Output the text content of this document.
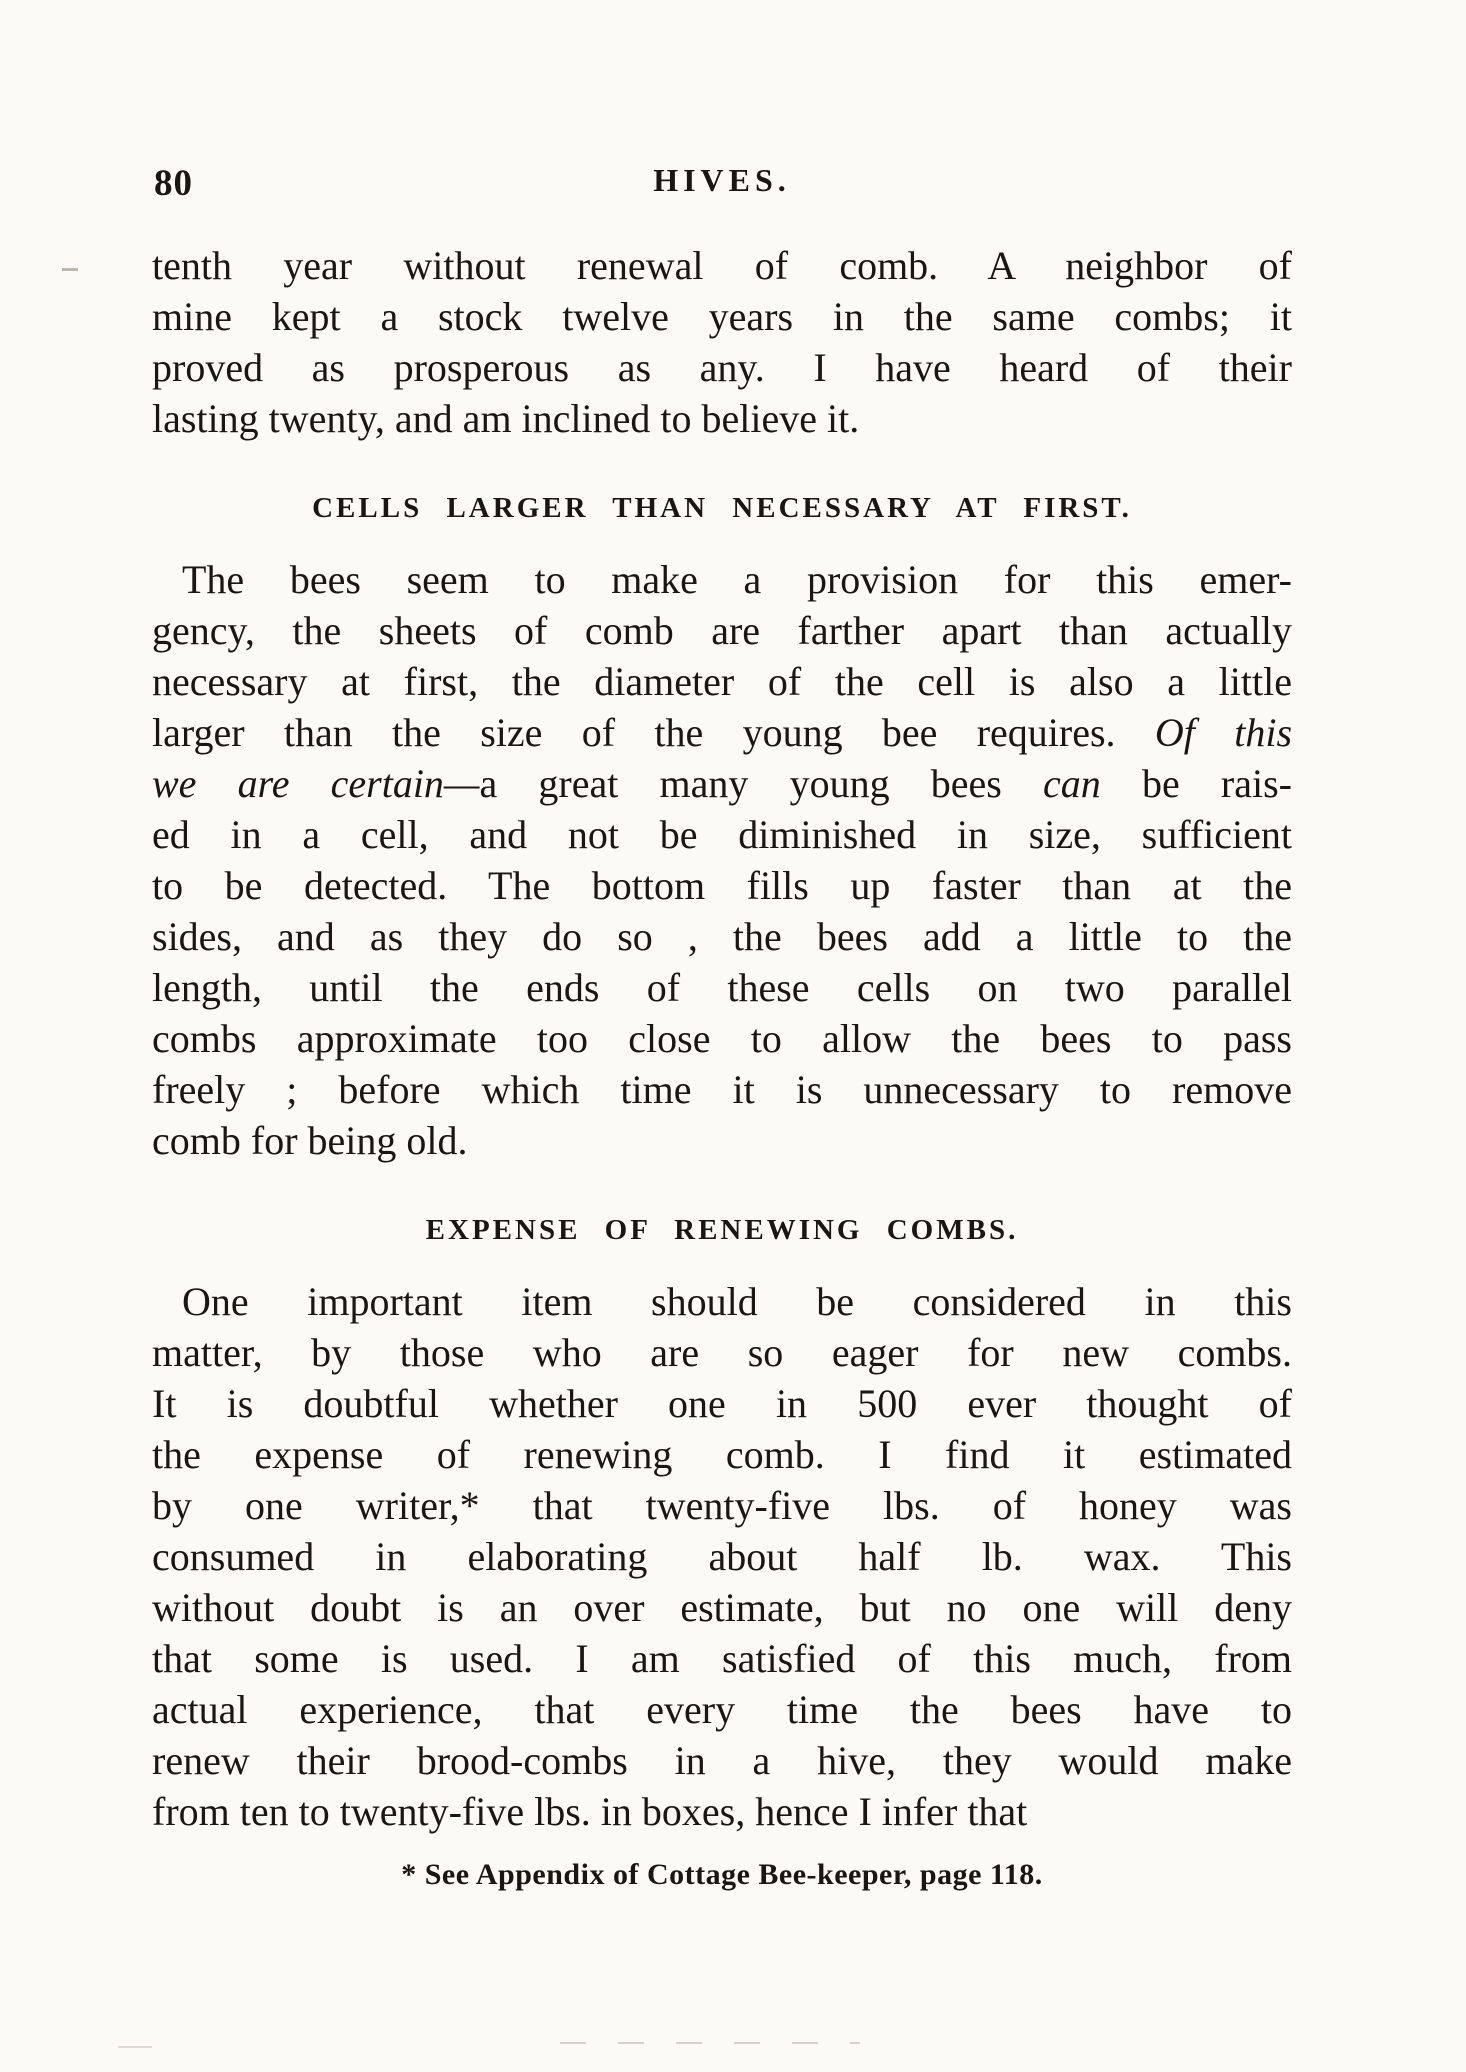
80	HIVES.
tenth year without renewal of comb. A neighbor of
mine kept a stock twelve years in the same combs; it
proved as prosperous as any. I have heard of their
lasting twenty, and am inclined to believe it.
CELLS LARGER THAN NECESSARY AT FIRST.
The bees seem to make a provision for this emer-
gency, the sheets of comb are farther apart than actually
necessary at first, the diameter of the cell is also a little
larger than the size of the young bee requires. Of this
we are certain—a great many young bees can be rais-
ed in a cell, and not be diminished in size, sufficient
to be detected. The bottom fills up faster than at the
sides, and as they do so , the bees add a little to the
length, until the ends of these cells on two parallel
combs approximate too close to allow the bees to pass
freely ; before which time it is unnecessary to remove
comb for being old.
EXPENSE OF RENEWING COMBS.
One important item should be considered in this
matter, by those who are so eager for new combs.
It is doubtful whether one in 500 ever thought of
the expense of renewing comb. I find it estimated
by one writer,* that twenty-five lbs. of honey was
consumed in elaborating about half lb. wax. This
without doubt is an over estimate, but no one will deny
that some is used. I am satisfied of this much, from
actual experience, that every time the bees have to
renew their brood-combs in a hive, they would make
from ten to twenty-five lbs. in boxes, hence I infer that
* See Appendix of Cottage Bee-keeper, page 118.
